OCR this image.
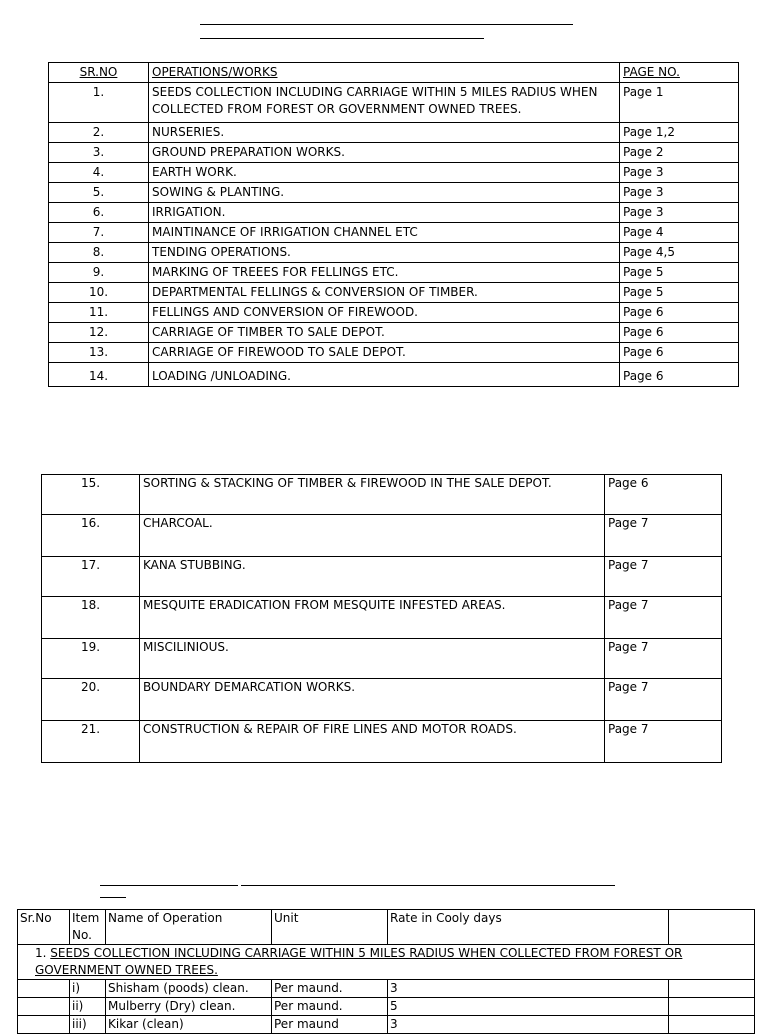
SR.NO	OPERATIONS/WORKS	PAGE NO.
1.	SEEDS COLLECTION INCLUDING CARRIAGE WITHIN 5 MILES RADIUS WHEN COLLECTED FROM FOREST OR GOVERNMENT OWNED TREES.	Page 1
2.	NURSERIES.	Page 1,2
3.	GROUND PREPARATION WORKS.	Page 2
4.	EARTH WORK.	Page 3
5.	SOWING & PLANTING.	Page 3
6.	IRRIGATION.	Page 3
7.	MAINTINANCE OF IRRIGATION CHANNEL ETC	Page 4
8.	TENDING OPERATIONS.	Page 4,5
9.	MARKING OF TREEES FOR FELLINGS ETC.	Page 5
10.	DEPARTMENTAL FELLINGS & CONVERSION OF TIMBER.	Page 5
11.	FELLINGS AND CONVERSION OF FIREWOOD.	Page 6
12.	CARRIAGE OF TIMBER TO SALE DEPOT.	Page 6
13.	CARRIAGE OF FIREWOOD TO SALE DEPOT.	Page 6
14.	LOADING /UNLOADING.	Page 6
15.	SORTING & STACKING OF TIMBER & FIREWOOD IN THE SALE DEPOT.	Page 6
16.	CHARCOAL.	Page 7
17.	KANA STUBBING.	Page 7
18.	MESQUITE ERADICATION FROM MESQUITE INFESTED AREAS.	Page 7
19.	MISCILINIOUS.	Page 7
20.	BOUNDARY DEMARCATION WORKS.	Page 7
21.	CONSTRUCTION & REPAIR OF FIRE LINES AND MOTOR ROADS.	Page 7
Sr.No	Item No.	Name of Operation	Unit	Rate in Cooly days	
1. SEEDS COLLECTION INCLUDING CARRIAGE WITHIN 5 MILES RADIUS WHEN COLLECTED FROM FOREST OR GOVERNMENT OWNED TREES.					
	i)	Shisham (poods) clean.	Per maund.	3	
	ii)	Mulberry (Dry) clean.	Per maund.	5	
	iii)	Kikar (clean)	Per maund	3	
